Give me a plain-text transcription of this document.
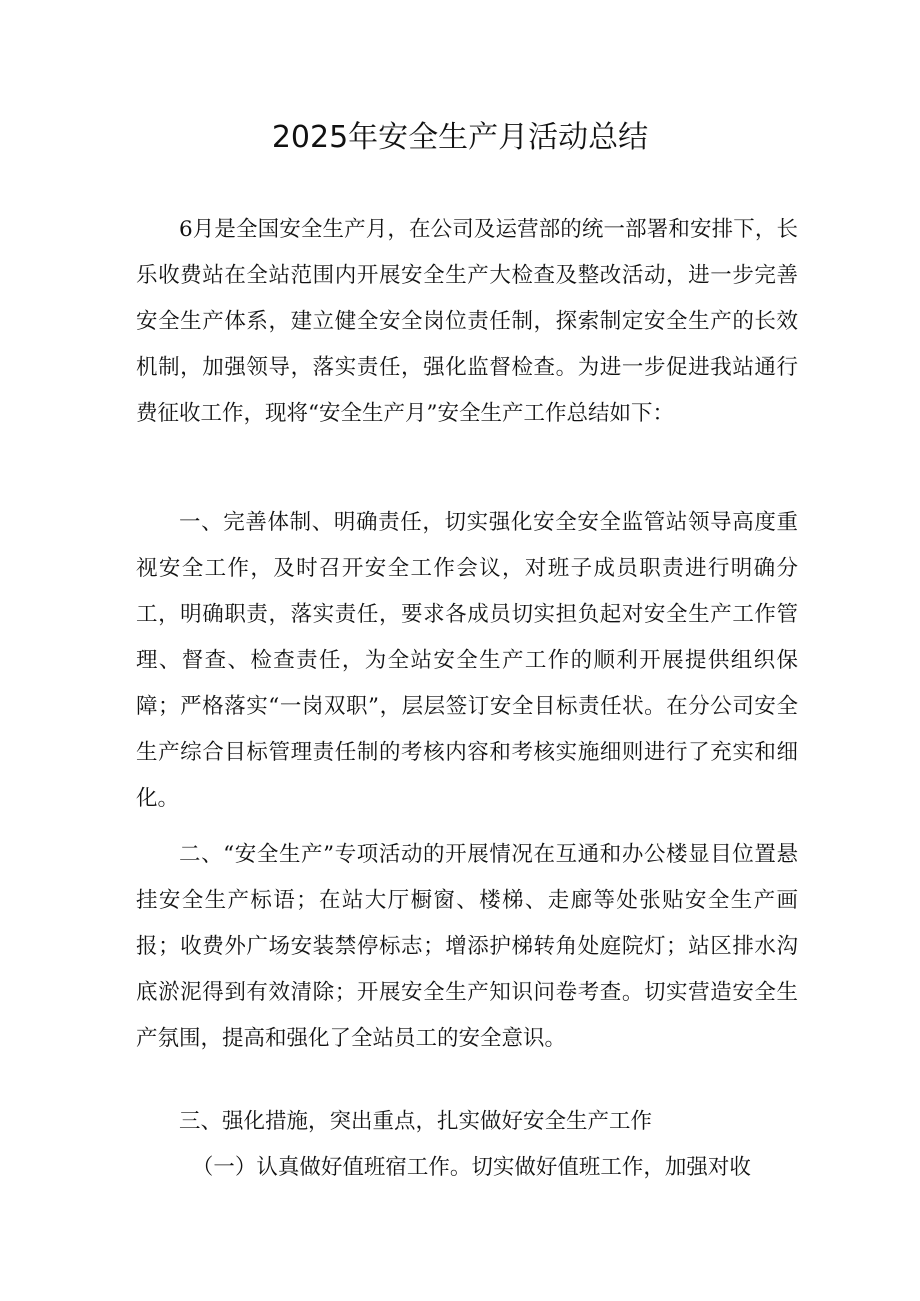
2025年安全生产月活动总结

6月是全国安全生产月，在公司及运营部的统一部署和安排下，长乐收费站在全站范围内开展安全生产大检查及整改活动，进一步完善安全生产体系，建立健全安全岗位责任制，探索制定安全生产的长效机制，加强领导，落实责任，强化监督检查。为进一步促进我站通行费征收工作，现将“安全生产月”安全生产工作总结如下：

一、完善体制、明确责任，切实强化安全安全监管站领导高度重视安全工作，及时召开安全工作会议，对班子成员职责进行明确分工，明确职责，落实责任，要求各成员切实担负起对安全生产工作管理、督查、检查责任，为全站安全生产工作的顺利开展提供组织保障；严格落实“一岗双职”，层层签订安全目标责任状。在分公司安全生产综合目标管理责任制的考核内容和考核实施细则进行了充实和细化。

二、“安全生产”专项活动的开展情况在互通和办公楼显目位置悬挂安全生产标语；在站大厅橱窗、楼梯、走廊等处张贴安全生产画报；收费外广场安装禁停标志；增添护梯转角处庭院灯；站区排水沟底淤泥得到有效清除；开展安全生产知识问卷考查。切实营造安全生产氛围，提高和强化了全站员工的安全意识。

三、强化措施，突出重点，扎实做好安全生产工作

（一）认真做好值班宿工作。切实做好值班工作，加强对收
